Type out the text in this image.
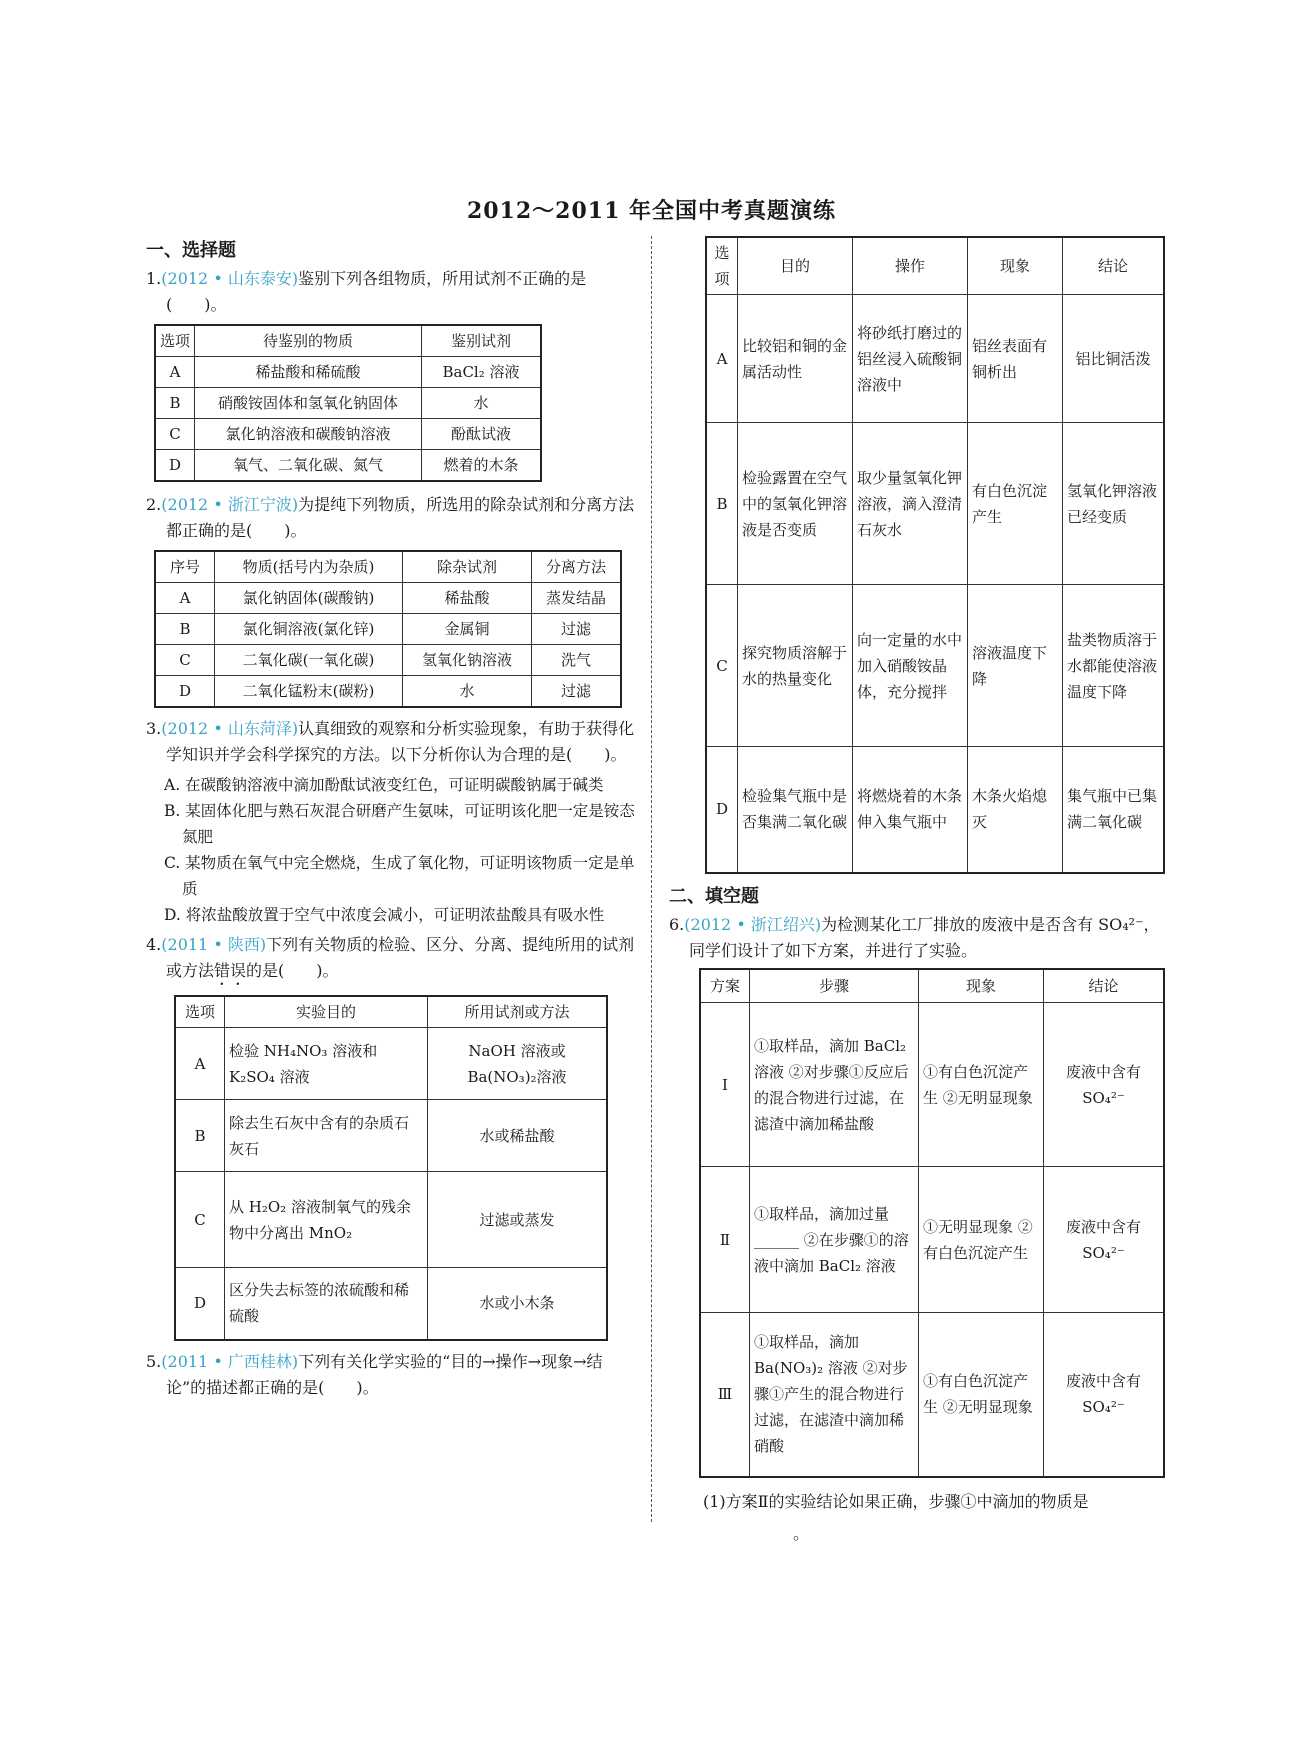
2012～2011 年全国中考真题演练
一、选择题
1.(2012 • 山东泰安)鉴别下列各组物质，所用试剂不正确的是(　　)。
选项	待鉴别的物质	鉴别试剂
A	稀盐酸和稀硫酸	BaCl₂ 溶液
B	硝酸铵固体和氢氧化钠固体	水
C	氯化钠溶液和碳酸钠溶液	酚酞试液
D	氧气、二氧化碳、氮气	燃着的木条
2.(2012 • 浙江宁波)为提纯下列物质，所选用的除杂试剂和分离方法都正确的是(　　)。
序号	物质(括号内为杂质)	除杂试剂	分离方法
A	氯化钠固体(碳酸钠)	稀盐酸	蒸发结晶
B	氯化铜溶液(氯化锌)	金属铜	过滤
C	二氧化碳(一氧化碳)	氢氧化钠溶液	洗气
D	二氧化锰粉末(碳粉)	水	过滤
3.(2012 • 山东菏泽)认真细致的观察和分析实验现象，有助于获得化学知识并学会科学探究的方法。以下分析你认为合理的是(　　)。
A. 在碳酸钠溶液中滴加酚酞试液变红色，可证明碳酸钠属于碱类
B. 某固体化肥与熟石灰混合研磨产生氨味，可证明该化肥一定是铵态氮肥
C. 某物质在氧气中完全燃烧，生成了氧化物，可证明该物质一定是单质
D. 将浓盐酸放置于空气中浓度会减小，可证明浓盐酸具有吸水性
4.(2011 • 陕西)下列有关物质的检验、区分、分离、提纯所用的试剂或方法错误的是(　　)。
选项	实验目的	所用试剂或方法
A	检验 NH₄NO₃ 溶液和 K₂SO₄ 溶液	NaOH 溶液或 Ba(NO₃)₂溶液
B	除去生石灰中含有的杂质石灰石	水或稀盐酸
C	从 H₂O₂ 溶液制氧气的残余物中分离出 MnO₂	过滤或蒸发
D	区分失去标签的浓硫酸和稀硫酸	水或小木条
5.(2011 • 广西桂林)下列有关化学实验的“目的→操作→现象→结论”的描述都正确的是(　　)。
选项	目的	操作	现象	结论
A	比较铝和铜的金属活动性	将砂纸打磨过的铝丝浸入硫酸铜溶液中	铝丝表面有铜析出	铝比铜活泼
B	检验露置在空气中的氢氧化钾溶液是否变质	取少量氢氧化钾溶液，滴入澄清石灰水	有白色沉淀产生	氢氧化钾溶液已经变质
C	探究物质溶解于水的热量变化	向一定量的水中加入硝酸铵晶体，充分搅拌	溶液温度下降	盐类物质溶于水都能使溶液温度下降
D	检验集气瓶中是否集满二氧化碳	将燃烧着的木条伸入集气瓶中	木条火焰熄灭	集气瓶中已集满二氧化碳
二、填空题
6.(2012 • 浙江绍兴)为检测某化工厂排放的废液中是否含有 SO₄²⁻，同学们设计了如下方案，并进行了实验。
方案	步骤	现象	结论
Ⅰ	①取样品，滴加 BaCl₂ 溶液 ②对步骤①反应后的混合物进行过滤，在滤渣中滴加稀盐酸	①有白色沉淀产生 ②无明显现象	废液中含有 SO₄²⁻
Ⅱ	①取样品，滴加过量______ ②在步骤①的溶液中滴加 BaCl₂ 溶液	①无明显现象 ②有白色沉淀产生	废液中含有 SO₄²⁻
Ⅲ	①取样品，滴加 Ba(NO₃)₂ 溶液 ②对步骤①产生的混合物进行过滤，在滤渣中滴加稀硝酸	①有白色沉淀产生 ②无明显现象	废液中含有 SO₄²⁻
(1)方案Ⅱ的实验结论如果正确，步骤①中滴加的物质是
。
